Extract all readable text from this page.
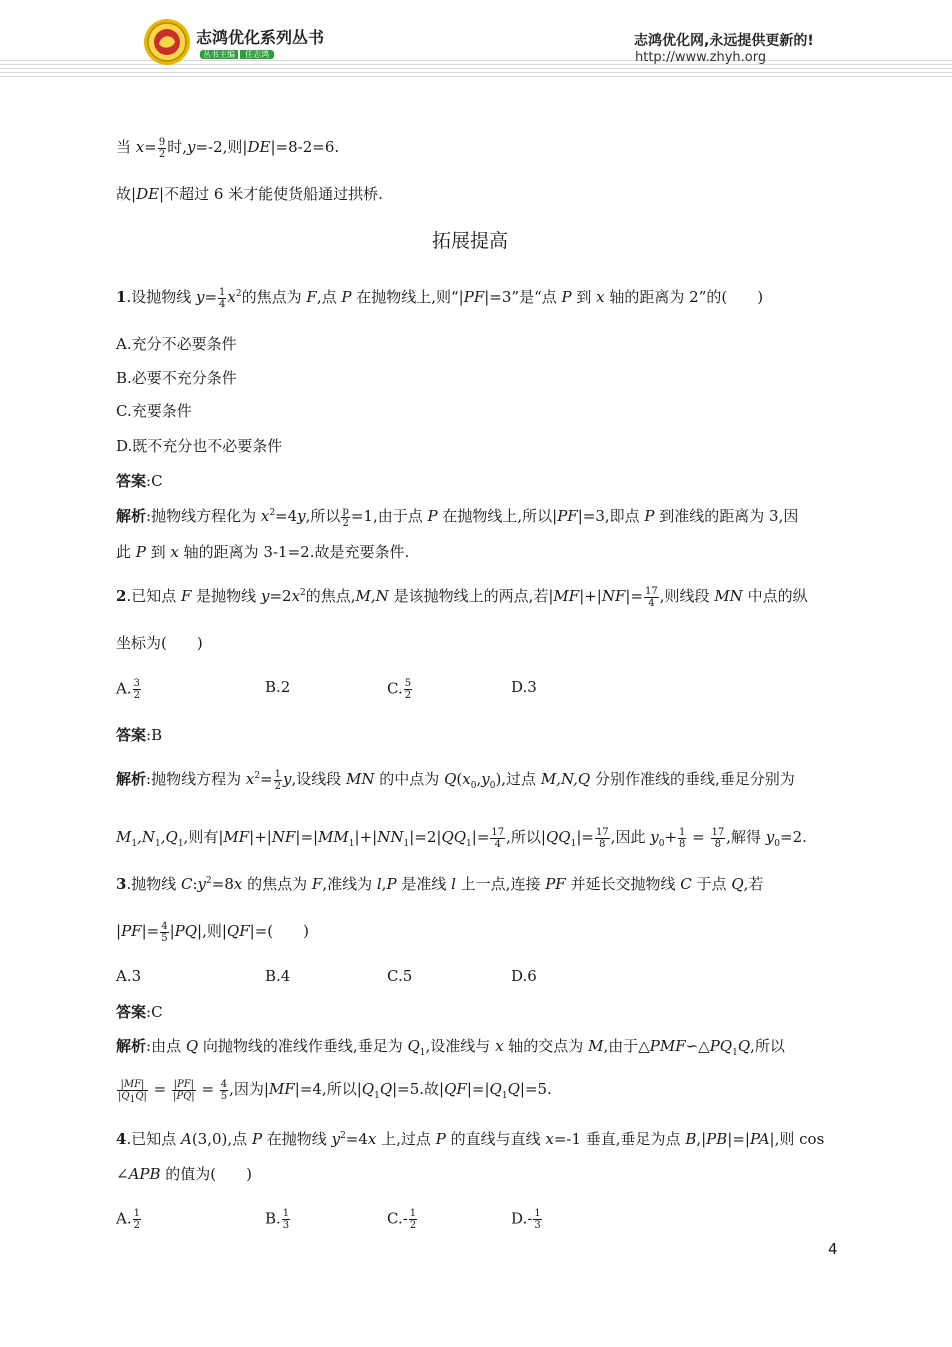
志鸿优化系列丛书
丛书主编 任志鸿
志鸿优化网,永远提供更新的!
http://www.zhyh.org
当 $x= \frac{9}{2}$ 时,y=-2,则|DE|=8-2=6.
故|DE|不超过 6 米才能使货船通过拱桥.
拓展提高
1.设抛物线 $y= \frac{1}{4} x^2$的焦点为 F,点 P 在抛物线上,则“|PF|=3”是“点 P 到 x 轴的距离为 2”的(　　)
A.充分不必要条件
B.必要不充分条件
C.充要条件
D.既不充分也不必要条件
答案:C
解析:抛物线方程化为 $x^2=4y$,所以 $\frac{p}{2} =1$,由于点 P 在抛物线上,所以|PF|=3,即点 P 到准线的距离为 3,因
此 P 到 x 轴的距离为 3-1=2.故是充要条件.
2.已知点 F 是抛物线 $y=2x^2$的焦点,M,N 是该抛物线上的两点,若$|MF|+|NF|= \frac{17}{4}$ ,则线段 MN 中点的纵
坐标为(　　)
A. $\frac{3}{2}$	B.2	C. $\frac{5}{2}$	D.3
答案:B
解析:抛物线方程为 $x^2= \frac{1}{2} y$,设线段 MN 的中点为 $Q(x_0,y_0)$,过点 M,N,Q 分别作准线的垂线,垂足分别为
$M_1,N_1,Q_1$,则有$|MF|+|NF|=|MM_1|+|NN_1|=2|QQ_1|= \frac{17}{4}$ ,所以$|QQ_1|= \frac{17}{8}$ ,因此 $y_0+ \frac{1}{8} = \frac{17}{8}$ ,解得 $y_0=2$.
3.抛物线 $C:y^2=8x$ 的焦点为 F,准线为 l,P 是准线 l 上一点,连接 PF 并延长交抛物线 C 于点 Q,若
$|PF|= \frac{4}{5} |PQ|$,则|QF|=(　　)
A.3	B.4	C.5	D.6
答案:C
解析:由点 Q 向抛物线的准线作垂线,垂足为 $Q_1$,设准线与 x 轴的交点为 M,由于$\triangle PMF∽\triangle PQ_1Q$,所以
$\frac{|MF|}{|Q_1Q|} = \frac{|PF|}{|PQ|} = \frac{4}{5}$ ,因为|MF|=4,所以$|Q_1Q|=5$.故$|QF|=|Q_1Q|=5$.
4.已知点 A(3,0),点 P 在抛物线 $y^2=4x$ 上,过点 P 的直线与直线 x=-1 垂直,垂足为点 B,|PB|=|PA|,则 cos
∠APB 的值为(　　)
A. $\frac{1}{2}$	B. $\frac{1}{3}$	$C.- \frac{1}{2}$	$D.- \frac{1}{3}$
4
